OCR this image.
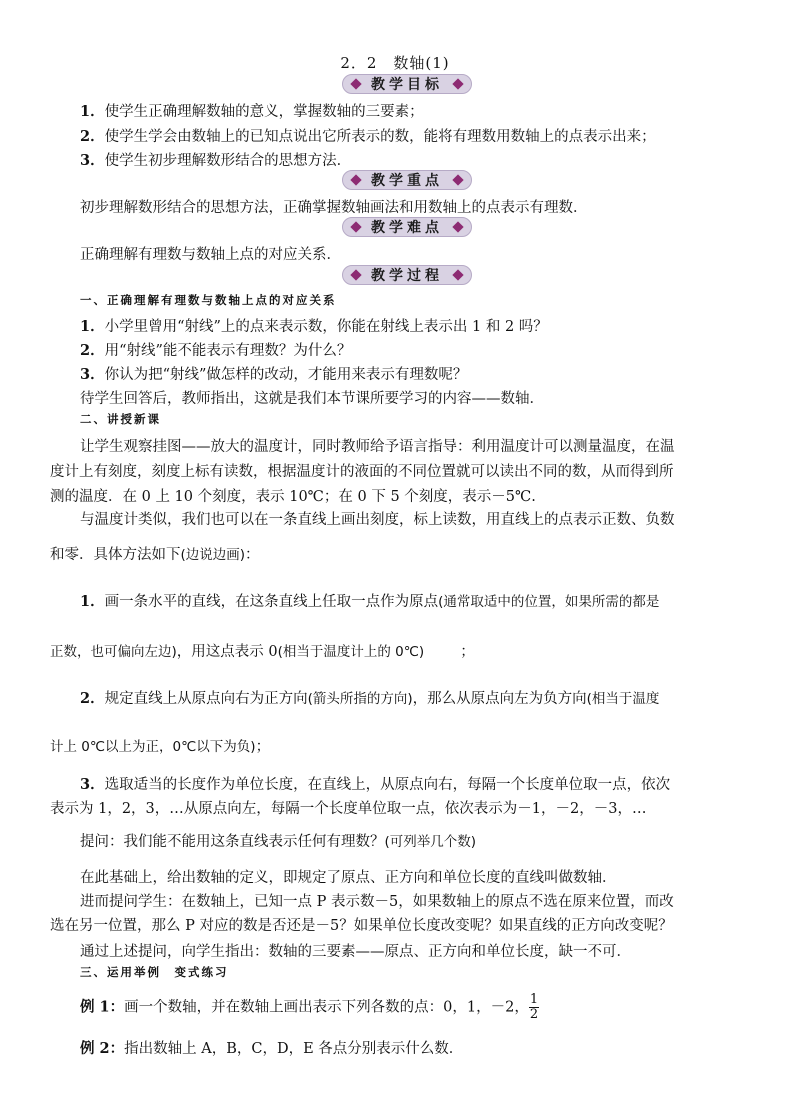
2．2　数轴(1)
教学目标
1．使学生正确理解数轴的意义，掌握数轴的三要素；
2．使学生学会由数轴上的已知点说出它所表示的数，能将有理数用数轴上的点表示出来；
3．使学生初步理解数形结合的思想方法．
教学重点
初步理解数形结合的思想方法，正确掌握数轴画法和用数轴上的点表示有理数．
教学难点
正确理解有理数与数轴上点的对应关系．
教学过程
一、正确理解有理数与数轴上点的对应关系
1．小学里曾用“射线”上的点来表示数，你能在射线上表示出 1 和 2 吗？
2．用“射线”能不能表示有理数？为什么？
3．你认为把“射线”做怎样的改动，才能用来表示有理数呢？
待学生回答后，教师指出，这就是我们本节课所要学习的内容——数轴．
二、讲授新课
让学生观察挂图——放大的温度计，同时教师给予语言指导：利用温度计可以测量温度，在温
度计上有刻度，刻度上标有读数，根据温度计的液面的不同位置就可以读出不同的数，从而得到所
测的温度．在 0 上 10 个刻度，表示 10℃；在 0 下 5 个刻度，表示－5℃.
与温度计类似，我们也可以在一条直线上画出刻度，标上读数，用直线上的点表示正数、负数
和零．具体方法如下(边说边画)：
1．画一条水平的直线，在这条直线上任取一点作为原点(通常取适中的位置，如果所需的都是
正数，也可偏向左边)，用这点表示 0(相当于温度计上的 0℃) ；
2．规定直线上从原点向右为正方向(箭头所指的方向)，那么从原点向左为负方向(相当于温度
计上 0℃以上为正，0℃以下为负)；
3．选取适当的长度作为单位长度，在直线上，从原点向右，每隔一个长度单位取一点，依次
表示为 1，2，3，…从原点向左，每隔一个长度单位取一点，依次表示为－1，－2，－3，…
提问：我们能不能用这条直线表示任何有理数？(可列举几个数)
在此基础上，给出数轴的定义，即规定了原点、正方向和单位长度的直线叫做数轴．
进而提问学生：在数轴上，已知一点 P 表示数－5，如果数轴上的原点不选在原来位置，而改
选在另一位置，那么 P 对应的数是否还是－5？如果单位长度改变呢？如果直线的正方向改变呢？
通过上述提问，向学生指出：数轴的三要素——原点、正方向和单位长度，缺一不可．
三、运用举例　变式练习
例 1：画一个数轴，并在数轴上画出表示下列各数的点：0，1，－2， $\frac{1}{2}$
例 2：指出数轴上 A，B，C，D，E 各点分别表示什么数．
